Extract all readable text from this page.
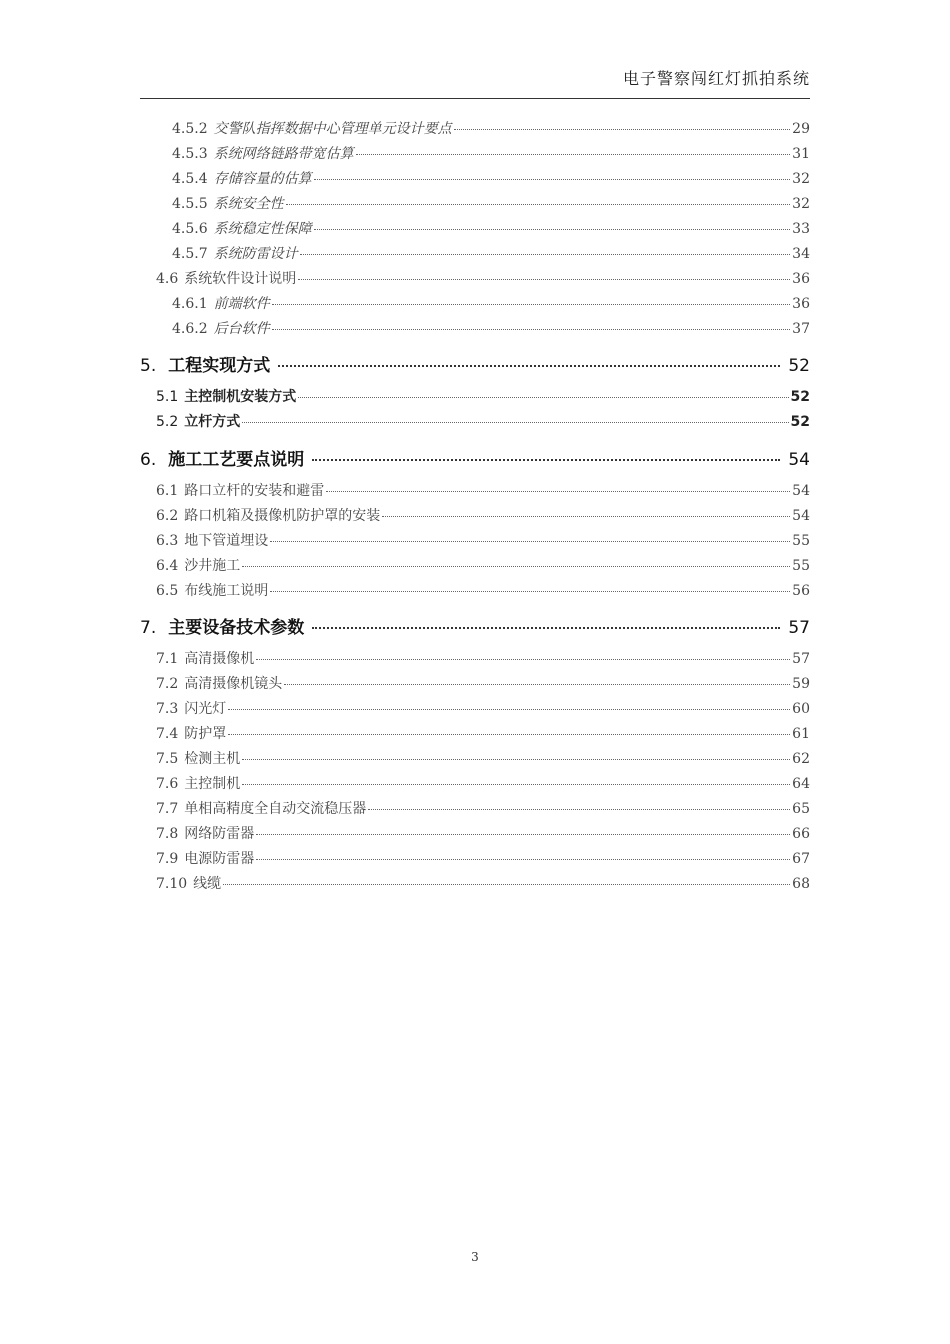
电子警察闯红灯抓拍系统
4.5.2 交警队指挥数据中心管理单元设计要点	29
4.5.3 系统网络链路带宽估算	31
4.5.4 存储容量的估算	32
4.5.5 系统安全性	32
4.5.6 系统稳定性保障	33
4.5.7 系统防雷设计	34
4.6 系统软件设计说明	36
4.6.1 前端软件	36
4.6.2 后台软件	37
5. 工程实现方式	52
5.1 主控制机安装方式	52
5.2 立杆方式	52
6. 施工工艺要点说明	54
6.1 路口立杆的安装和避雷	54
6.2 路口机箱及摄像机防护罩的安装	54
6.3 地下管道埋设	55
6.4 沙井施工	55
6.5 布线施工说明	56
7. 主要设备技术参数	57
7.1 高清摄像机	57
7.2 高清摄像机镜头	59
7.3 闪光灯	60
7.4 防护罩	61
7.5 检测主机	62
7.6 主控制机	64
7.7 单相高精度全自动交流稳压器	65
7.8 网络防雷器	66
7.9 电源防雷器	67
7.10 线缆	68
3
